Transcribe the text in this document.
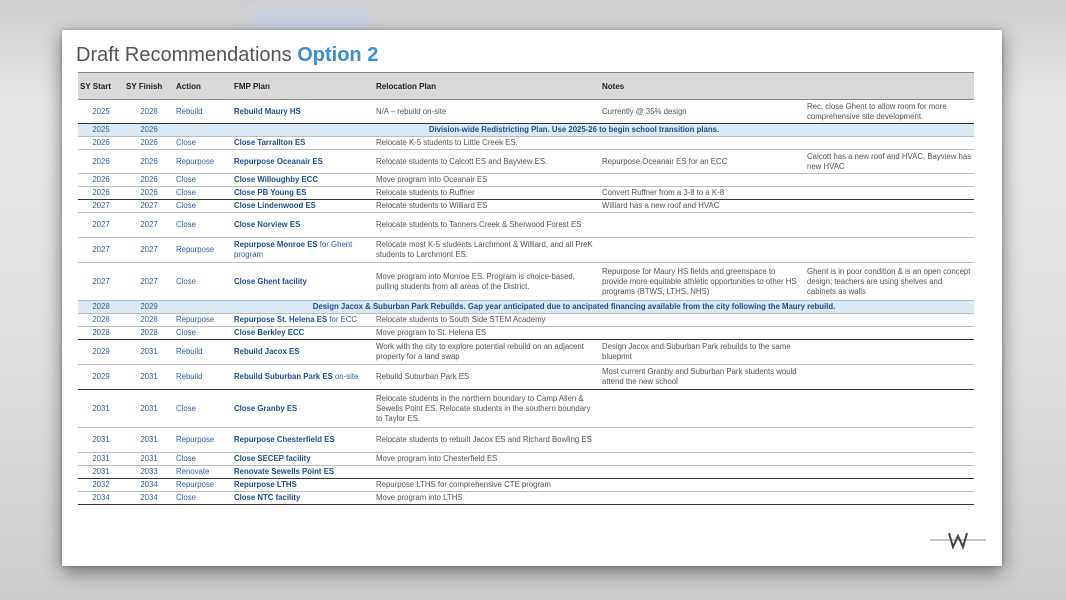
Draft Recommendations Option 2
SY Start	SY Finish	Action	FMP Plan	Relocation Plan	Notes	
2025	2028	Rebuild	Rebuild Maury HS	N/A – rebuild on-site	Currently @ 35% design	Rec. close Ghent to allow room for more comprehensive site development.
2025	2026	Division-wide Redistricting Plan. Use 2025-26 to begin school transition plans.				
2026	2026	Close	Close Tarrallton ES	Relocate K-5 students to Little Creek ES.		
2026	2026	Repurpose	Repurpose Oceanair ES	Relocate students to Calcott ES and Bayview ES.	Repurpose Oceanair ES for an ECC	Calcott has a new roof and HVAC, Bayview has new HVAC
2026	2026	Close	Close Willoughby ECC	Move program into Oceanair ES		
2026	2026	Close	Close PB Young ES	Relocate students to Ruffner	Convert Ruffner from a 3-8 to a K-8	
2027	2027	Close	Close Lindenwood ES	Relocate students to Williard ES	Williard has a new roof and HVAC	
2027	2027	Close	Close Norview ES	Relocate students to Tanners Creek & Sherwood Forest ES		
2027	2027	Repurpose	Repurpose Monroe ES for Ghent program	Relocate most K-5 students Larchmont & Williard, and all PreK students to Larchmont ES.		
2027	2027	Close	Close Ghent facility	Move program into Monroe ES. Program is choice-based, pulling students from all areas of the District.	Repurpose for Maury HS fields and greenspace to provide more equitable athletic opportunities to other HS programs (BTWS, LTHS, NHS)	Ghent is in poor condition & is an open concept design; teachers are using shelves and cabinets as walls
2028	2029	Design Jacox & Suburban Park Rebuilds. Gap year anticipated due to ancipated financing available from the city following the Maury rebuild.				
2028	2028	Repurpose	Repurpose St. Helena ES for ECC	Relocate students to South Side STEM Academy		
2028	2028	Close	Close Berkley ECC	Move program to St. Helena ES		
2029	2031	Rebuild	Rebuild Jacox ES	Work with the city to explore potential rebuild on an adjacent property for a land swap	Design Jacox and Suburban Park rebuilds to the same blueprint	
2029	2031	Rebuild	Rebuild Suburban Park ES on-site	Rebuild Suburban Park ES	Most current Granby and Suburban Park students would attend the new school	
2031	2031	Close	Close Granby ES	Relocate students in the northern boundary to Camp Allen & Sewells Point ES. Relocate students in the southern boundary to Taylor ES.		
2031	2031	Repurpose	Repurpose Chesterfield ES	Relocate students to rebuilt Jacox ES and Richard Bowling ES		
2031	2031	Close	Close SECEP facility	Move program into Chesterfield ES		
2031	2033	Renovate	Renovate Sewells Point ES			
2032	2034	Repurpose	Repurpose LTHS	Repurpose LTHS for comprehensive CTE program		
2034	2034	Close	Close NTC facility	Move program into LTHS		
